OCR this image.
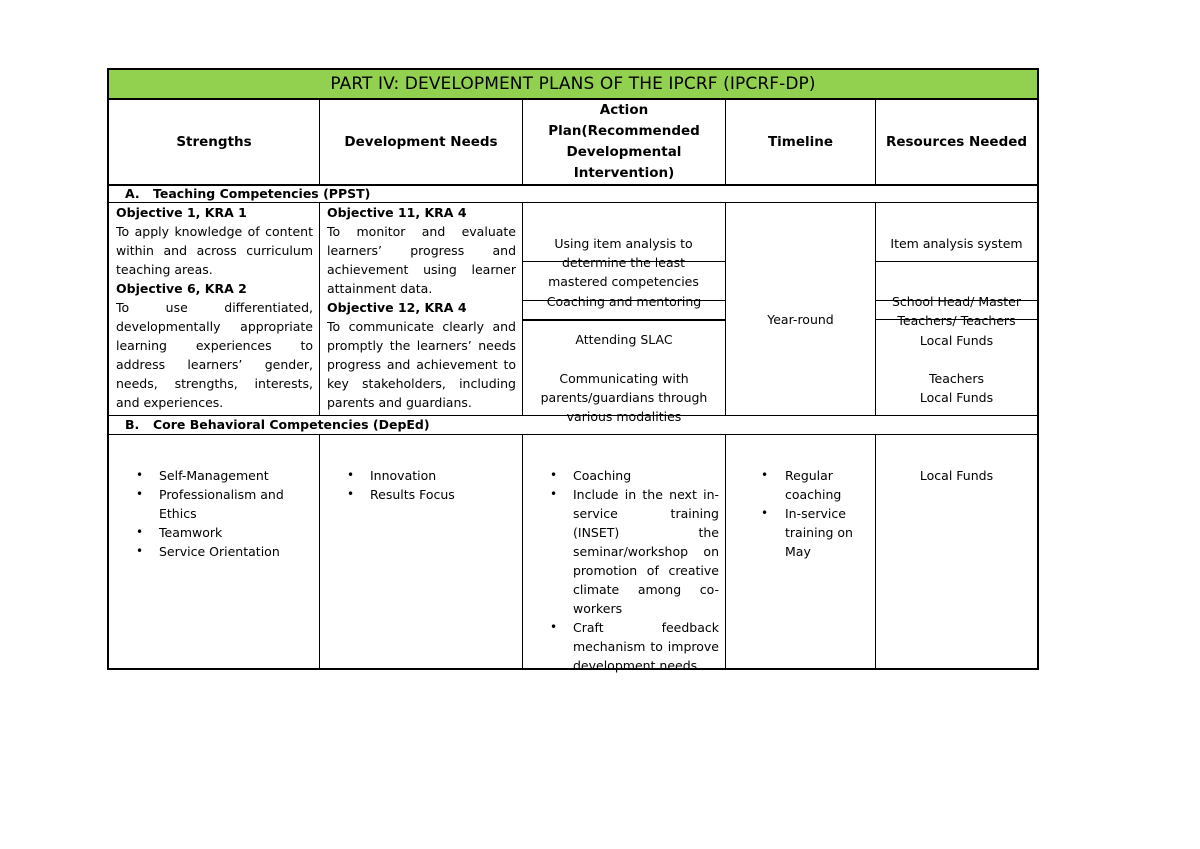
PART IV: DEVELOPMENT PLANS OF THE IPCRF (IPCRF-DP)
Strengths	Development Needs
Action Plan(Recommended Developmental Intervention)
Timeline	Resources Needed
A. Teaching Competencies (PPST)
Objective 1, KRA 1
To apply knowledge of content within and across curriculum teaching areas.
Objective 6, KRA 2
To use differentiated, developmentally appropriate learning experiences to address learners’ gender, needs, strengths, interests, and experiences.
Objective 11, KRA 4
To monitor and evaluate learners’ progress and achievement using learner attainment data.
Objective 12, KRA 4
To communicate clearly and promptly the learners’ needs progress and achievement to key stakeholders, including parents and guardians.
Using item analysis to determine the least mastered competencies
Coaching and mentoring
Attending SLAC
Communicating with parents/guardians through various modalities
Year-round
Item analysis system
School Head/ Master
Teachers/ Teachers
Local Funds
Teachers
Local Funds
B. Core Behavioral Competencies (DepEd)
• Self-Management
• Professionalism and Ethics
• Teamwork
• Service Orientation
• Innovation
• Results Focus
• Coaching
• Include in the next in-service training (INSET) the seminar/workshop on promotion of creative climate among co-workers
• Craft feedback mechanism to improve development needs
• Regular coaching
• In-service training on May
Local Funds
